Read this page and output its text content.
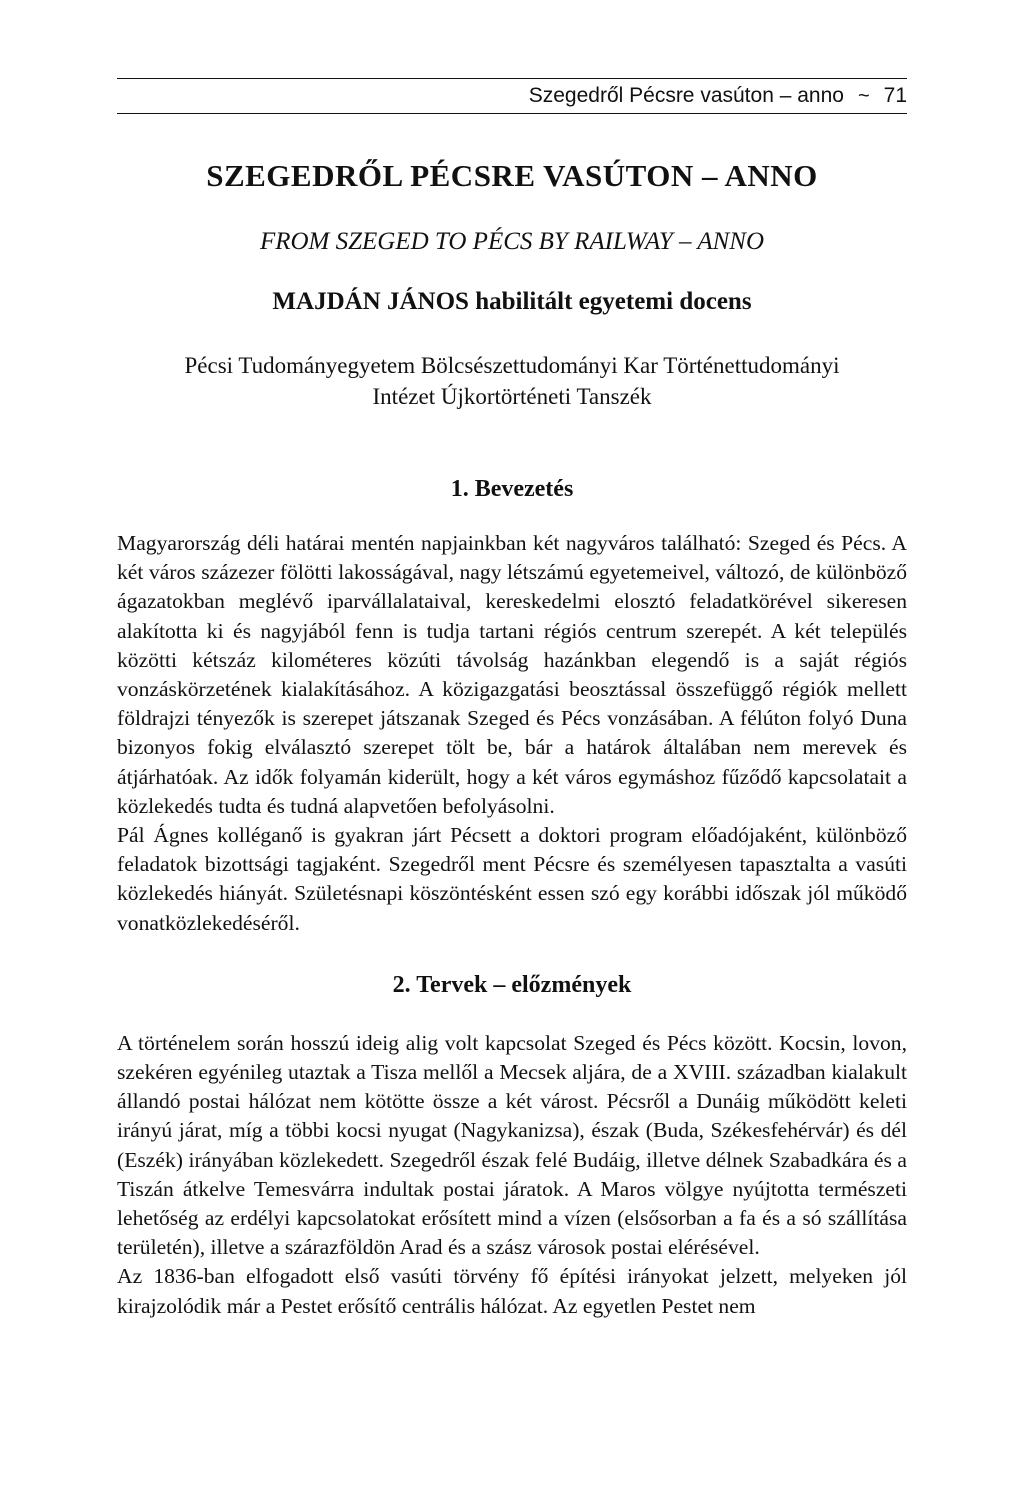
Szegedről Pécsre vasúton – anno ~ 71
SZEGEDRŐL PÉCSRE VASÚTON – ANNO
FROM SZEGED TO PÉCS BY RAILWAY – ANNO
MAJDÁN JÁNOS habilitált egyetemi docens
Pécsi Tudományegyetem Bölcsészettudományi Kar Történettudományi
Intézet Újkortörténeti Tanszék
1. Bevezetés

Magyarország déli határai mentén napjainkban két nagyváros található: Szeged és Pécs. A két város százezer fölötti lakosságával, nagy létszámú egyetemeivel, változó, de különböző ágazatokban meglévő iparvállalataival, kereskedelmi elosztó feladatkörével sikeresen alakította ki és nagyjából fenn is tudja tartani régiós centrum szerepét. A két település közötti kétszáz kilométeres közúti távolság hazánkban elegendő is a saját régiós vonzáskörzetének kialakításához. A közigazgatási beosztással összefüggő régiók mellett földrajzi tényezők is szerepet játszanak Szeged és Pécs vonzásában. A félúton folyó Duna bizonyos fokig elválasztó szerepet tölt be, bár a határok általában nem merevek és átjárhatóak. Az idők folyamán kiderült, hogy a két város egymáshoz fűződő kapcsolatait a közlekedés tudta és tudná alapvetően befolyásolni.

Pál Ágnes kolléganő is gyakran járt Pécsett a doktori program előadójaként, különböző feladatok bizottsági tagjaként. Szegedről ment Pécsre és személyesen tapasztalta a vasúti közlekedés hiányát. Születésnapi köszöntésként essen szó egy korábbi időszak jól működő vonatközlekedéséről.

2. Tervek – előzmények

A történelem során hosszú ideig alig volt kapcsolat Szeged és Pécs között. Kocsin, lovon, szekéren egyénileg utaztak a Tisza mellől a Mecsek aljára, de a XVIII. században kialakult állandó postai hálózat nem kötötte össze a két várost. Pécsről a Dunáig működött keleti irányú járat, míg a többi kocsi nyugat (Nagykanizsa), észak (Buda, Székesfehérvár) és dél (Eszék) irányában közlekedett. Szegedről észak felé Budáig, illetve délnek Szabadkára és a Tiszán átkelve Temesvárra indultak postai járatok. A Maros völgye nyújtotta természeti lehetőség az erdélyi kapcsolatokat erősített mind a vízen (elsősorban a fa és a só szállítása területén), illetve a szárazföldön Arad és a szász városok postai elérésével.

Az 1836-ban elfogadott első vasúti törvény fő építési irányokat jelzett, melyeken jól kirajzolódik már a Pestet erősítő centrális hálózat. Az egyetlen Pestet nem
